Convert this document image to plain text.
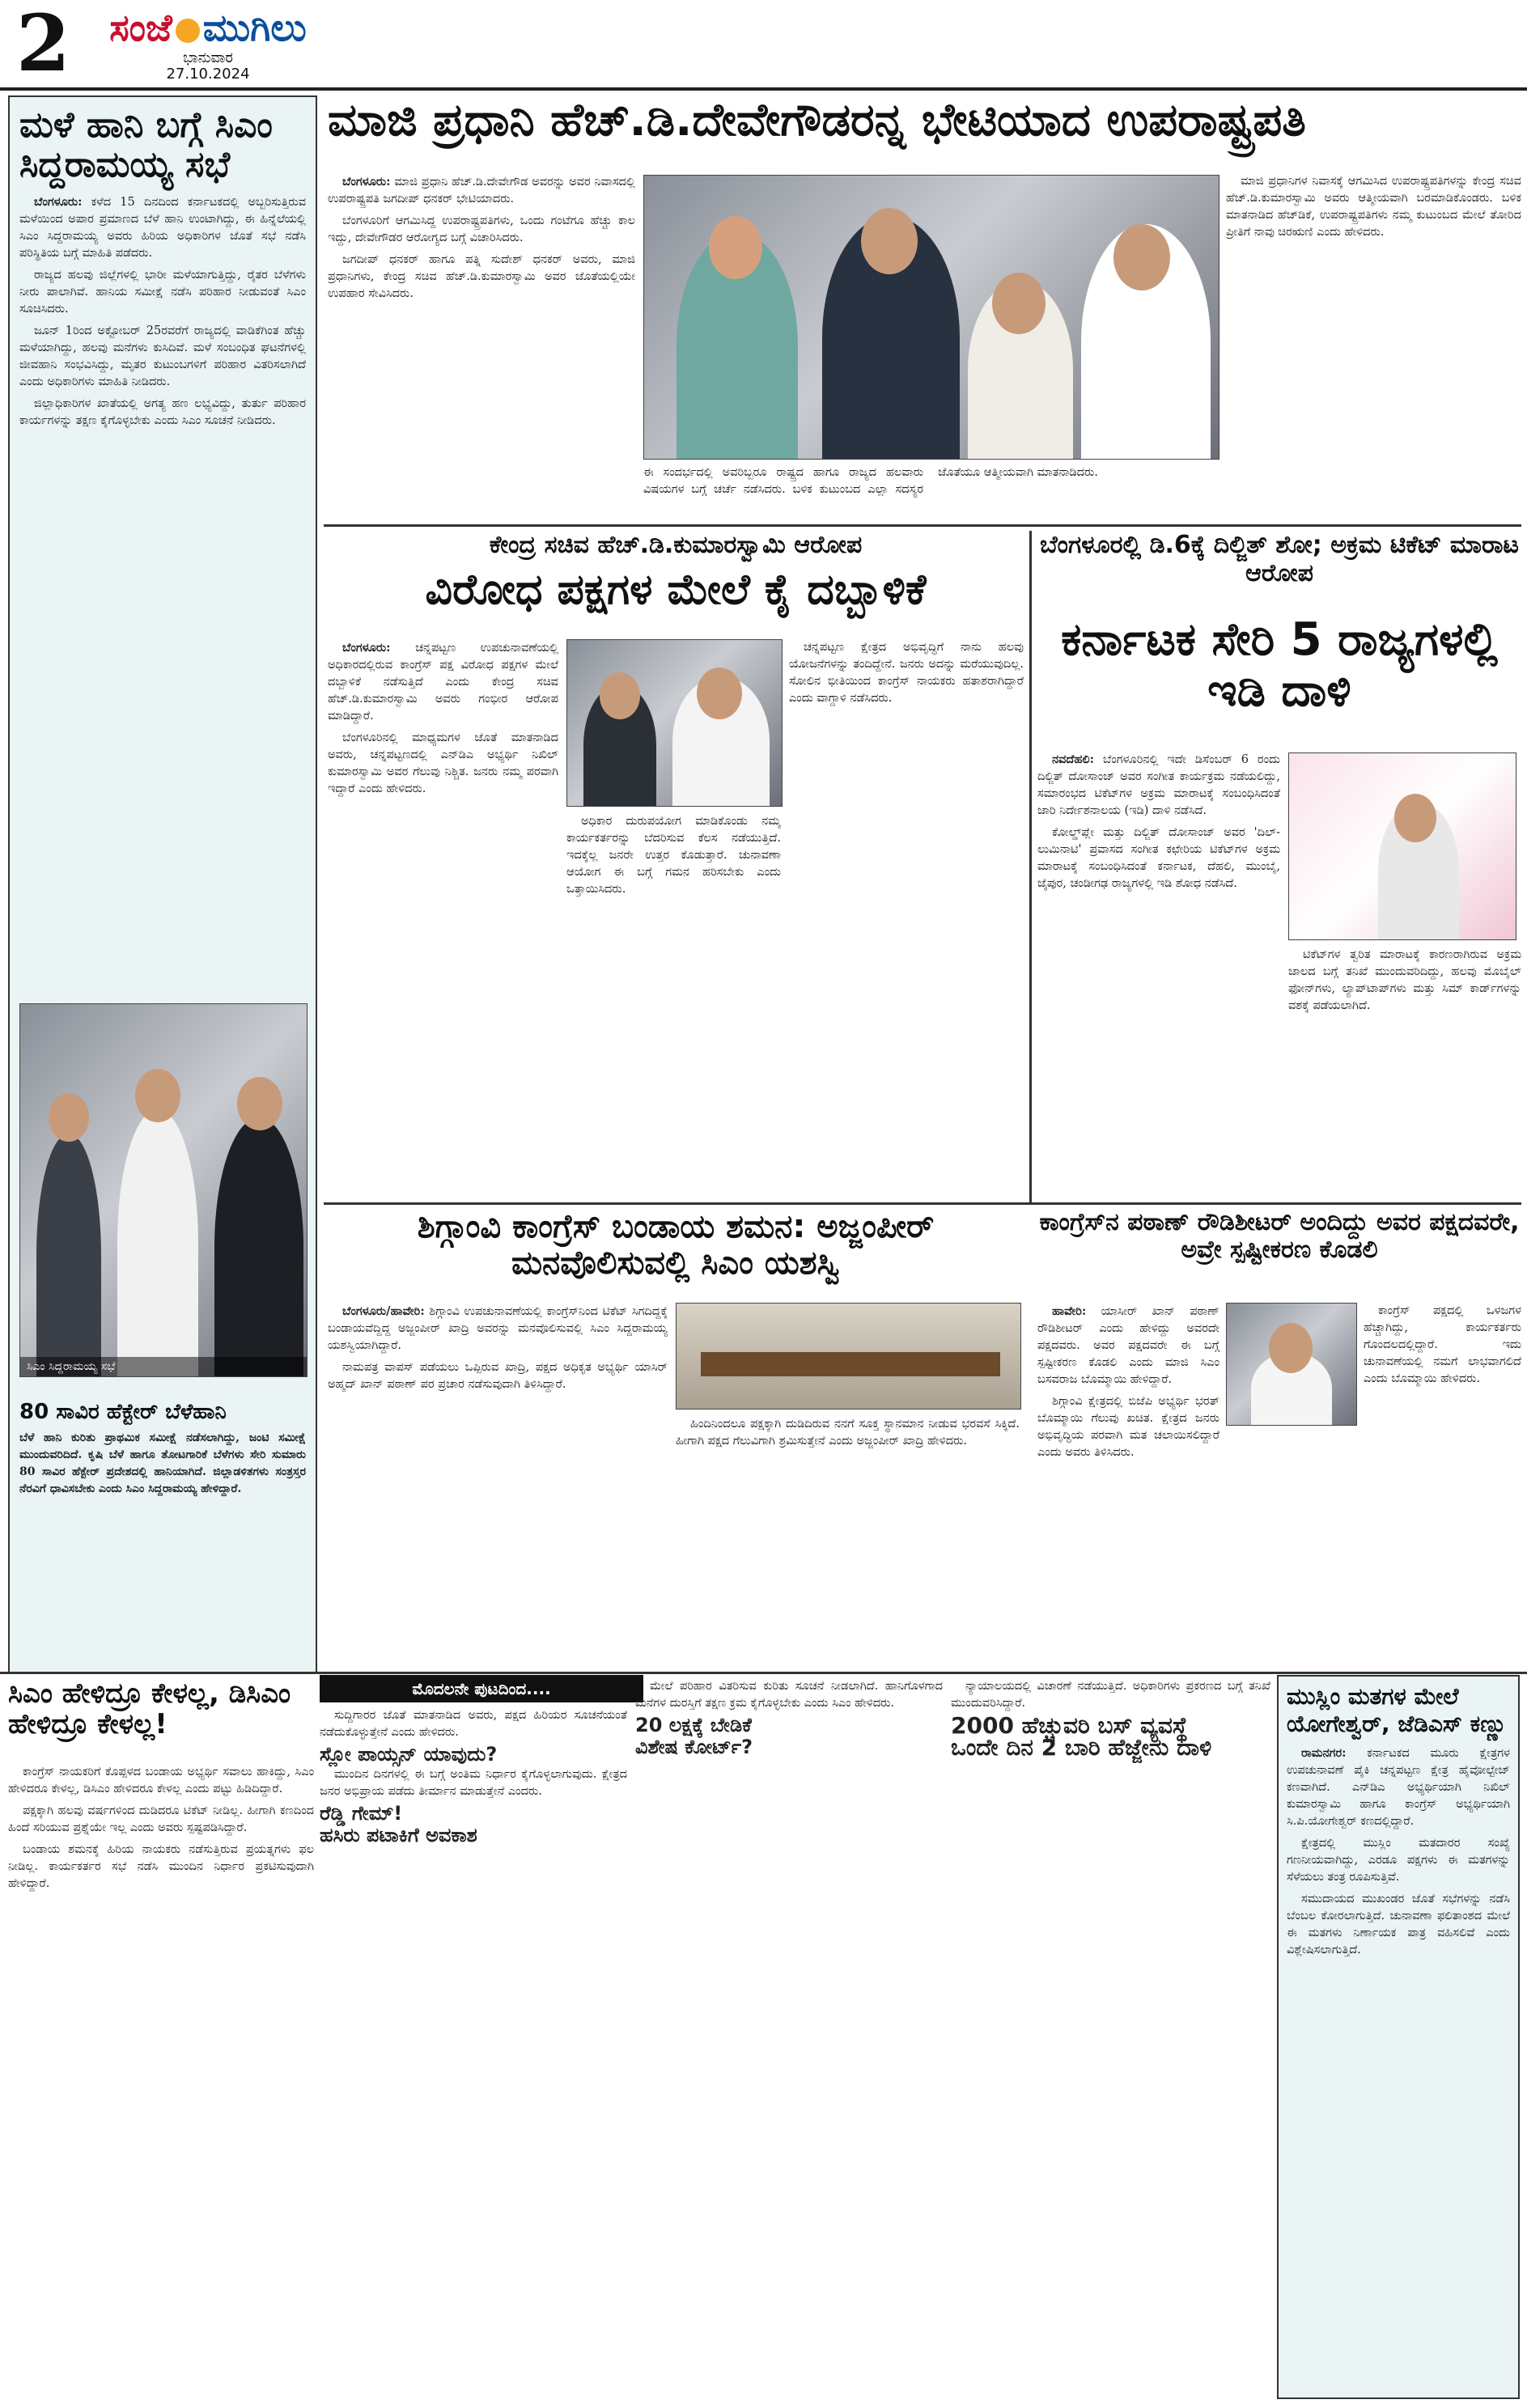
2	ಸಂಜೆ ಮುಗಿಲು
ಭಾನುವಾರ
27.10.2024
ಮಳೆ ಹಾನಿ ಬಗ್ಗೆ ಸಿಎಂ ಸಿದ್ದರಾಮಯ್ಯ ಸಭೆ

ಬೆಂಗಳೂರು: ಕಳೆದ 15 ದಿನದಿಂದ ಕರ್ನಾಟಕದಲ್ಲಿ ಅಬ್ಬರಿಸುತ್ತಿರುವ ಮಳೆಯಿಂದ ಅಪಾರ ಪ್ರಮಾಣದ ಬೆಳೆ ಹಾನಿ ಉಂಟಾಗಿದ್ದು, ಈ ಹಿನ್ನೆಲೆಯಲ್ಲಿ ಸಿಎಂ ಸಿದ್ದರಾಮಯ್ಯ ಅವರು ಹಿರಿಯ ಅಧಿಕಾರಿಗಳ ಜೊತೆ ಸಭೆ ನಡೆಸಿ ಪರಿಸ್ಥಿತಿಯ ಬಗ್ಗೆ ಮಾಹಿತಿ ಪಡೆದರು.

ರಾಜ್ಯದ ಹಲವು ಜಿಲ್ಲೆಗಳಲ್ಲಿ ಭಾರೀ ಮಳೆಯಾಗುತ್ತಿದ್ದು, ರೈತರ ಬೆಳೆಗಳು ನೀರು ಪಾಲಾಗಿವೆ. ಹಾನಿಯ ಸಮೀಕ್ಷೆ ನಡೆಸಿ ಪರಿಹಾರ ನೀಡುವಂತೆ ಸಿಎಂ ಸೂಚಿಸಿದರು.

ಜೂನ್ 1ರಿಂದ ಅಕ್ಟೋಬರ್ 25ರವರೆಗೆ ರಾಜ್ಯದಲ್ಲಿ ವಾಡಿಕೆಗಿಂತ ಹೆಚ್ಚು ಮಳೆಯಾಗಿದ್ದು, ಹಲವು ಮನೆಗಳು ಕುಸಿದಿವೆ. ಮಳೆ ಸಂಬಂಧಿತ ಘಟನೆಗಳಲ್ಲಿ ಜೀವಹಾನಿ ಸಂಭವಿಸಿದ್ದು, ಮೃತರ ಕುಟುಂಬಗಳಿಗೆ ಪರಿಹಾರ ವಿತರಿಸಲಾಗಿದೆ ಎಂದು ಅಧಿಕಾರಿಗಳು ಮಾಹಿತಿ ನೀಡಿದರು.

ಜಿಲ್ಲಾಧಿಕಾರಿಗಳ ಖಾತೆಯಲ್ಲಿ ಅಗತ್ಯ ಹಣ ಲಭ್ಯವಿದ್ದು, ತುರ್ತು ಪರಿಹಾರ ಕಾರ್ಯಗಳನ್ನು ತಕ್ಷಣ ಕೈಗೊಳ್ಳಬೇಕು ಎಂದು ಸಿಎಂ ಸೂಚನೆ ನೀಡಿದರು.

ಸಿಎಂ ಸಿದ್ದರಾಮಯ್ಯ ಸಭೆ
80 ಸಾವಿರ ಹೆಕ್ಟೇರ್ ಬೆಳೆಹಾನಿ
ಬೆಳೆ ಹಾನಿ ಕುರಿತು ಪ್ರಾಥಮಿಕ ಸಮೀಕ್ಷೆ ನಡೆಸಲಾಗಿದ್ದು, ಜಂಟಿ ಸಮೀಕ್ಷೆ ಮುಂದುವರಿದಿದೆ. ಕೃಷಿ ಬೆಳೆ ಹಾಗೂ ತೋಟಗಾರಿಕೆ ಬೆಳೆಗಳು ಸೇರಿ ಸುಮಾರು 80 ಸಾವಿರ ಹೆಕ್ಟೇರ್ ಪ್ರದೇಶದಲ್ಲಿ ಹಾನಿಯಾಗಿದೆ. ಜಿಲ್ಲಾಡಳಿತಗಳು ಸಂತ್ರಸ್ತರ ನೆರವಿಗೆ ಧಾವಿಸಬೇಕು ಎಂದು ಸಿಎಂ ಸಿದ್ದರಾಮಯ್ಯ ಹೇಳಿದ್ದಾರೆ.
ಮಾಜಿ ಪ್ರಧಾನಿ ಹೆಚ್.ಡಿ.ದೇವೇಗೌಡರನ್ನ ಭೇಟಿಯಾದ ಉಪರಾಷ್ಟ್ರಪತಿ

ಬೆಂಗಳೂರು: ಮಾಜಿ ಪ್ರಧಾನಿ ಹೆಚ್.ಡಿ.ದೇವೇಗೌಡ ಅವರನ್ನು ಅವರ ನಿವಾಸದಲ್ಲಿ ಉಪರಾಷ್ಟ್ರಪತಿ ಜಗದೀಪ್ ಧನಕರ್ ಭೇಟಿಯಾದರು.

ಬೆಂಗಳೂರಿಗೆ ಆಗಮಿಸಿದ್ದ ಉಪರಾಷ್ಟ್ರಪತಿಗಳು, ಒಂದು ಗಂಟೆಗೂ ಹೆಚ್ಚು ಕಾಲ ಇದ್ದು, ದೇವೇಗೌಡರ ಆರೋಗ್ಯದ ಬಗ್ಗೆ ವಿಚಾರಿಸಿದರು.

ಜಗದೀಪ್ ಧನಕರ್ ಹಾಗೂ ಪತ್ನಿ ಸುದೇಶ್ ಧನಕರ್ ಅವರು, ಮಾಜಿ ಪ್ರಧಾನಿಗಳು, ಕೇಂದ್ರ ಸಚಿವ ಹೆಚ್.ಡಿ.ಕುಮಾರಸ್ವಾಮಿ ಅವರ ಜೊತೆಯಲ್ಲಿಯೇ ಉಪಹಾರ ಸೇವಿಸಿದರು.

ಈ ಸಂದರ್ಭದಲ್ಲಿ ಅವರಿಬ್ಬರೂ ರಾಷ್ಟ್ರದ ಹಾಗೂ ರಾಜ್ಯದ ಹಲವಾರು ವಿಷಯಗಳ ಬಗ್ಗೆ ಚರ್ಚೆ ನಡೆಸಿದರು. ಬಳಿಕ ಕುಟುಂಬದ ಎಲ್ಲಾ ಸದಸ್ಯರ ಜೊತೆಯೂ ಆತ್ಮೀಯವಾಗಿ ಮಾತನಾಡಿದರು.

ಮಾಜಿ ಪ್ರಧಾನಿಗಳ ನಿವಾಸಕ್ಕೆ ಆಗಮಿಸಿದ ಉಪರಾಷ್ಟ್ರಪತಿಗಳನ್ನು ಕೇಂದ್ರ ಸಚಿವ ಹೆಚ್.ಡಿ.ಕುಮಾರಸ್ವಾಮಿ ಅವರು ಆತ್ಮೀಯವಾಗಿ ಬರಮಾಡಿಕೊಂಡರು. ಬಳಿಕ ಮಾತನಾಡಿದ ಹೆಚ್‌ಡಿಕೆ, ಉಪರಾಷ್ಟ್ರಪತಿಗಳು ನಮ್ಮ ಕುಟುಂಬದ ಮೇಲೆ ತೋರಿದ ಪ್ರೀತಿಗೆ ನಾವು ಚಿರಋಣಿ ಎಂದು ಹೇಳಿದರು.

ಕೇಂದ್ರ ಸಚಿವ ಹೆಚ್.ಡಿ.ಕುಮಾರಸ್ವಾಮಿ ಆರೋಪ
ವಿರೋಧ ಪಕ್ಷಗಳ ಮೇಲೆ ಕೈ ದಬ್ಬಾಳಿಕೆ

ಬೆಂಗಳೂರು: ಚನ್ನಪಟ್ಟಣ ಉಪಚುನಾವಣೆಯಲ್ಲಿ ಅಧಿಕಾರದಲ್ಲಿರುವ ಕಾಂಗ್ರೆಸ್ ಪಕ್ಷ ವಿರೋಧ ಪಕ್ಷಗಳ ಮೇಲೆ ದಬ್ಬಾಳಿಕೆ ನಡೆಸುತ್ತಿದೆ ಎಂದು ಕೇಂದ್ರ ಸಚಿವ ಹೆಚ್.ಡಿ.ಕುಮಾರಸ್ವಾಮಿ ಅವರು ಗಂಭೀರ ಆರೋಪ ಮಾಡಿದ್ದಾರೆ.

ಬೆಂಗಳೂರಿನಲ್ಲಿ ಮಾಧ್ಯಮಗಳ ಜೊತೆ ಮಾತನಾಡಿದ ಅವರು, ಚನ್ನಪಟ್ಟಣದಲ್ಲಿ ಎನ್‌ಡಿಎ ಅಭ್ಯರ್ಥಿ ನಿಖಿಲ್ ಕುಮಾರಸ್ವಾಮಿ ಅವರ ಗೆಲುವು ನಿಶ್ಚಿತ. ಜನರು ನಮ್ಮ ಪರವಾಗಿ ಇದ್ದಾರೆ ಎಂದು ಹೇಳಿದರು.

ಅಧಿಕಾರ ದುರುಪಯೋಗ ಮಾಡಿಕೊಂಡು ನಮ್ಮ ಕಾರ್ಯಕರ್ತರನ್ನು ಬೆದರಿಸುವ ಕೆಲಸ ನಡೆಯುತ್ತಿದೆ. ಇದಕ್ಕೆಲ್ಲ ಜನರೇ ಉತ್ತರ ಕೊಡುತ್ತಾರೆ. ಚುನಾವಣಾ ಆಯೋಗ ಈ ಬಗ್ಗೆ ಗಮನ ಹರಿಸಬೇಕು ಎಂದು ಒತ್ತಾಯಿಸಿದರು.

ಚನ್ನಪಟ್ಟಣ ಕ್ಷೇತ್ರದ ಅಭಿವೃದ್ಧಿಗೆ ನಾನು ಹಲವು ಯೋಜನೆಗಳನ್ನು ತಂದಿದ್ದೇನೆ. ಜನರು ಅದನ್ನು ಮರೆಯುವುದಿಲ್ಲ. ಸೋಲಿನ ಭೀತಿಯಿಂದ ಕಾಂಗ್ರೆಸ್ ನಾಯಕರು ಹತಾಶರಾಗಿದ್ದಾರೆ ಎಂದು ವಾಗ್ದಾಳಿ ನಡೆಸಿದರು.

ಬೆಂಗಳೂರಲ್ಲಿ ಡಿ.6ಕ್ಕೆ ದಿಲ್ಜಿತ್ ಶೋ; ಅಕ್ರಮ ಟಿಕೆಟ್ ಮಾರಾಟ ಆರೋಪ
ಕರ್ನಾಟಕ ಸೇರಿ 5 ರಾಜ್ಯಗಳಲ್ಲಿ ಇಡಿ ದಾಳಿ

ನವದೆಹಲಿ: ಬೆಂಗಳೂರಿನಲ್ಲಿ ಇದೇ ಡಿಸೆಂಬರ್ 6 ರಂದು ದಿಲ್ಜಿತ್ ದೋಸಾಂಜ್ ಅವರ ಸಂಗೀತ ಕಾರ್ಯಕ್ರಮ ನಡೆಯಲಿದ್ದು, ಸಮಾರಂಭದ ಟಿಕೆಟ್‌ಗಳ ಅಕ್ರಮ ಮಾರಾಟಕ್ಕೆ ಸಂಬಂಧಿಸಿದಂತೆ ಜಾರಿ ನಿರ್ದೇಶನಾಲಯ (ಇಡಿ) ದಾಳಿ ನಡೆಸಿದೆ.

ಕೋಲ್ಡ್‌ಪ್ಲೇ ಮತ್ತು ದಿಲ್ಜಿತ್ ದೋಸಾಂಜ್ ಅವರ 'ದಿಲ್-ಲುಮಿನಾಟಿ' ಪ್ರವಾಸದ ಸಂಗೀತ ಕಛೇರಿಯ ಟಿಕೆಟ್‌ಗಳ ಅಕ್ರಮ ಮಾರಾಟಕ್ಕೆ ಸಂಬಂಧಿಸಿದಂತೆ ಕರ್ನಾಟಕ, ದೆಹಲಿ, ಮುಂಬೈ, ಜೈಪುರ, ಚಂಡೀಗಢ ರಾಜ್ಯಗಳಲ್ಲಿ ಇಡಿ ಶೋಧ ನಡೆಸಿದೆ.

ಟಿಕೆಟ್‌ಗಳ ತ್ವರಿತ ಮಾರಾಟಕ್ಕೆ ಕಾರಣರಾಗಿರುವ ಅಕ್ರಮ ಜಾಲದ ಬಗ್ಗೆ ತನಿಖೆ ಮುಂದುವರಿದಿದ್ದು, ಹಲವು ಮೊಬೈಲ್ ಫೋನ್‌ಗಳು, ಲ್ಯಾಪ್‌ಟಾಪ್‌ಗಳು ಮತ್ತು ಸಿಮ್ ಕಾರ್ಡ್‌ಗಳನ್ನು ವಶಕ್ಕೆ ಪಡೆಯಲಾಗಿದೆ.

ಶಿಗ್ಗಾಂವಿ ಕಾಂಗ್ರೆಸ್ ಬಂಡಾಯ ಶಮನ: ಅಜ್ಜಂಪೀರ್ ಮನವೊಲಿಸುವಲ್ಲಿ ಸಿಎಂ ಯಶಸ್ವಿ

ಬೆಂಗಳೂರು/ಹಾವೇರಿ: ಶಿಗ್ಗಾಂವಿ ಉಪಚುನಾವಣೆಯಲ್ಲಿ ಕಾಂಗ್ರೆಸ್‌ನಿಂದ ಟಿಕೆಟ್ ಸಿಗದಿದ್ದಕ್ಕೆ ಬಂಡಾಯವೆದ್ದಿದ್ದ ಅಜ್ಜಂಪೀರ್ ಖಾದ್ರಿ ಅವರನ್ನು ಮನವೊಲಿಸುವಲ್ಲಿ ಸಿಎಂ ಸಿದ್ದರಾಮಯ್ಯ ಯಶಸ್ವಿಯಾಗಿದ್ದಾರೆ.

ನಾಮಪತ್ರ ವಾಪಸ್ ಪಡೆಯಲು ಒಪ್ಪಿರುವ ಖಾದ್ರಿ, ಪಕ್ಷದ ಅಧಿಕೃತ ಅಭ್ಯರ್ಥಿ ಯಾಸಿರ್ ಅಹ್ಮದ್ ಖಾನ್ ಪಠಾಣ್ ಪರ ಪ್ರಚಾರ ನಡೆಸುವುದಾಗಿ ತಿಳಿಸಿದ್ದಾರೆ.

ಹಿಂದಿನಿಂದಲೂ ಪಕ್ಷಕ್ಕಾಗಿ ದುಡಿದಿರುವ ನನಗೆ ಸೂಕ್ತ ಸ್ಥಾನಮಾನ ನೀಡುವ ಭರವಸೆ ಸಿಕ್ಕಿದೆ. ಹೀಗಾಗಿ ಪಕ್ಷದ ಗೆಲುವಿಗಾಗಿ ಶ್ರಮಿಸುತ್ತೇನೆ ಎಂದು ಅಜ್ಜಂಪೀರ್ ಖಾದ್ರಿ ಹೇಳಿದರು.

ಕಾಂಗ್ರೆಸ್‌ನ ಪಠಾಣ್ ರೌಡಿಶೀಟರ್ ಅಂದಿದ್ದು ಅವರ ಪಕ್ಷದವರೇ, ಅವ್ರೇ ಸ್ಪಷ್ಟೀಕರಣ ಕೊಡಲಿ

ಹಾವೇರಿ: ಯಾಸೀರ್ ಖಾನ್ ಪಠಾಣ್ ರೌಡಿಶೀಟರ್ ಎಂದು ಹೇಳಿದ್ದು ಅವರದೇ ಪಕ್ಷದವರು. ಅವರ ಪಕ್ಷದವರೇ ಈ ಬಗ್ಗೆ ಸ್ಪಷ್ಟೀಕರಣ ಕೊಡಲಿ ಎಂದು ಮಾಜಿ ಸಿಎಂ ಬಸವರಾಜ ಬೊಮ್ಮಾಯಿ ಹೇಳಿದ್ದಾರೆ.

ಶಿಗ್ಗಾಂವಿ ಕ್ಷೇತ್ರದಲ್ಲಿ ಬಿಜೆಪಿ ಅಭ್ಯರ್ಥಿ ಭರತ್ ಬೊಮ್ಮಾಯಿ ಗೆಲುವು ಖಚಿತ. ಕ್ಷೇತ್ರದ ಜನರು ಅಭಿವೃದ್ಧಿಯ ಪರವಾಗಿ ಮತ ಚಲಾಯಿಸಲಿದ್ದಾರೆ ಎಂದು ಅವರು ತಿಳಿಸಿದರು.

ಕಾಂಗ್ರೆಸ್ ಪಕ್ಷದಲ್ಲಿ ಒಳಜಗಳ ಹೆಚ್ಚಾಗಿದ್ದು, ಕಾರ್ಯಕರ್ತರು ಗೊಂದಲದಲ್ಲಿದ್ದಾರೆ. ಇದು ಚುನಾವಣೆಯಲ್ಲಿ ನಮಗೆ ಲಾಭವಾಗಲಿದೆ ಎಂದು ಬೊಮ್ಮಾಯಿ ಹೇಳಿದರು.

ಸಿಎಂ ಹೇಳಿದ್ರೂ ಕೇಳಲ್ಲ, ಡಿಸಿಎಂ ಹೇಳಿದ್ರೂ ಕೇಳಲ್ಲ!

ಕಾಂಗ್ರೆಸ್ ನಾಯಕರಿಗೆ ಕೊಪ್ಪಳದ ಬಂಡಾಯ ಅಭ್ಯರ್ಥಿ ಸವಾಲು ಹಾಕಿದ್ದು, ಸಿಎಂ ಹೇಳಿದರೂ ಕೇಳಲ್ಲ, ಡಿಸಿಎಂ ಹೇಳಿದರೂ ಕೇಳಲ್ಲ ಎಂದು ಪಟ್ಟು ಹಿಡಿದಿದ್ದಾರೆ.

ಪಕ್ಷಕ್ಕಾಗಿ ಹಲವು ವರ್ಷಗಳಿಂದ ದುಡಿದರೂ ಟಿಕೆಟ್ ನೀಡಿಲ್ಲ. ಹೀಗಾಗಿ ಕಣದಿಂದ ಹಿಂದೆ ಸರಿಯುವ ಪ್ರಶ್ನೆಯೇ ಇಲ್ಲ ಎಂದು ಅವರು ಸ್ಪಷ್ಟಪಡಿಸಿದ್ದಾರೆ.

ಬಂಡಾಯ ಶಮನಕ್ಕೆ ಹಿರಿಯ ನಾಯಕರು ನಡೆಸುತ್ತಿರುವ ಪ್ರಯತ್ನಗಳು ಫಲ ನೀಡಿಲ್ಲ. ಕಾರ್ಯಕರ್ತರ ಸಭೆ ನಡೆಸಿ ಮುಂದಿನ ನಿರ್ಧಾರ ಪ್ರಕಟಿಸುವುದಾಗಿ ಹೇಳಿದ್ದಾರೆ.

ಮೊದಲನೇ ಪುಟದಿಂದ....

ಸುದ್ದಿಗಾರರ ಜೊತೆ ಮಾತನಾಡಿದ ಅವರು, ಪಕ್ಷದ ಹಿರಿಯರ ಸೂಚನೆಯಂತೆ ನಡೆದುಕೊಳ್ಳುತ್ತೇನೆ ಎಂದು ಹೇಳಿದರು.

ಸ್ಲೋ ಪಾಯ್ಸನ್ ಯಾವುದು?

ಮುಂದಿನ ದಿನಗಳಲ್ಲಿ ಈ ಬಗ್ಗೆ ಅಂತಿಮ ನಿರ್ಧಾರ ಕೈಗೊಳ್ಳಲಾಗುವುದು. ಕ್ಷೇತ್ರದ ಜನರ ಅಭಿಪ್ರಾಯ ಪಡೆದು ತೀರ್ಮಾನ ಮಾಡುತ್ತೇನೆ ಎಂದರು.

ರೆಡ್ಡಿ ಗೇಮ್!
ಹಸಿರು ಪಟಾಕಿಗೆ ಅವಕಾಶ

ಮೇಲೆ ಪರಿಹಾರ ವಿತರಿಸುವ ಕುರಿತು ಸೂಚನೆ ನೀಡಲಾಗಿದೆ. ಹಾನಿಗೊಳಗಾದ ಮನೆಗಳ ದುರಸ್ತಿಗೆ ತಕ್ಷಣ ಕ್ರಮ ಕೈಗೊಳ್ಳಬೇಕು ಎಂದು ಸಿಎಂ ಹೇಳಿದರು.

20 ಲಕ್ಷಕ್ಕೆ ಬೇಡಿಕೆ
ವಿಶೇಷ ಕೋರ್ಟ್?

ನ್ಯಾಯಾಲಯದಲ್ಲಿ ವಿಚಾರಣೆ ನಡೆಯುತ್ತಿದೆ. ಅಧಿಕಾರಿಗಳು ಪ್ರಕರಣದ ಬಗ್ಗೆ ತನಿಖೆ ಮುಂದುವರಿಸಿದ್ದಾರೆ.

2000 ಹೆಚ್ಚುವರಿ ಬಸ್ ವ್ಯವಸ್ಥೆ
ಒಂದೇ ದಿನ 2 ಬಾರಿ ಹೆಜ್ಜೇನು ದಾಳಿ
ಮುಸ್ಲಿಂ ಮತಗಳ ಮೇಲೆ ಯೋಗೇಶ್ವರ್, ಜೆಡಿಎಸ್ ಕಣ್ಣು

ರಾಮನಗರ: ಕರ್ನಾಟಕದ ಮೂರು ಕ್ಷೇತ್ರಗಳ ಉಪಚುನಾವಣೆ ಪೈಕಿ ಚನ್ನಪಟ್ಟಣ ಕ್ಷೇತ್ರ ಹೈವೋಲ್ಟೇಜ್ ಕಣವಾಗಿದೆ. ಎನ್‌ಡಿಎ ಅಭ್ಯರ್ಥಿಯಾಗಿ ನಿಖಿಲ್ ಕುಮಾರಸ್ವಾಮಿ ಹಾಗೂ ಕಾಂಗ್ರೆಸ್ ಅಭ್ಯರ್ಥಿಯಾಗಿ ಸಿ.ಪಿ.ಯೋಗೇಶ್ವರ್ ಕಣದಲ್ಲಿದ್ದಾರೆ.

ಕ್ಷೇತ್ರದಲ್ಲಿ ಮುಸ್ಲಿಂ ಮತದಾರರ ಸಂಖ್ಯೆ ಗಣನೀಯವಾಗಿದ್ದು, ಎರಡೂ ಪಕ್ಷಗಳು ಈ ಮತಗಳನ್ನು ಸೆಳೆಯಲು ತಂತ್ರ ರೂಪಿಸುತ್ತಿವೆ.

ಸಮುದಾಯದ ಮುಖಂಡರ ಜೊತೆ ಸಭೆಗಳನ್ನು ನಡೆಸಿ ಬೆಂಬಲ ಕೋರಲಾಗುತ್ತಿದೆ. ಚುನಾವಣಾ ಫಲಿತಾಂಶದ ಮೇಲೆ ಈ ಮತಗಳು ನಿರ್ಣಾಯಕ ಪಾತ್ರ ವಹಿಸಲಿವೆ ಎಂದು ವಿಶ್ಲೇಷಿಸಲಾಗುತ್ತಿದೆ.
